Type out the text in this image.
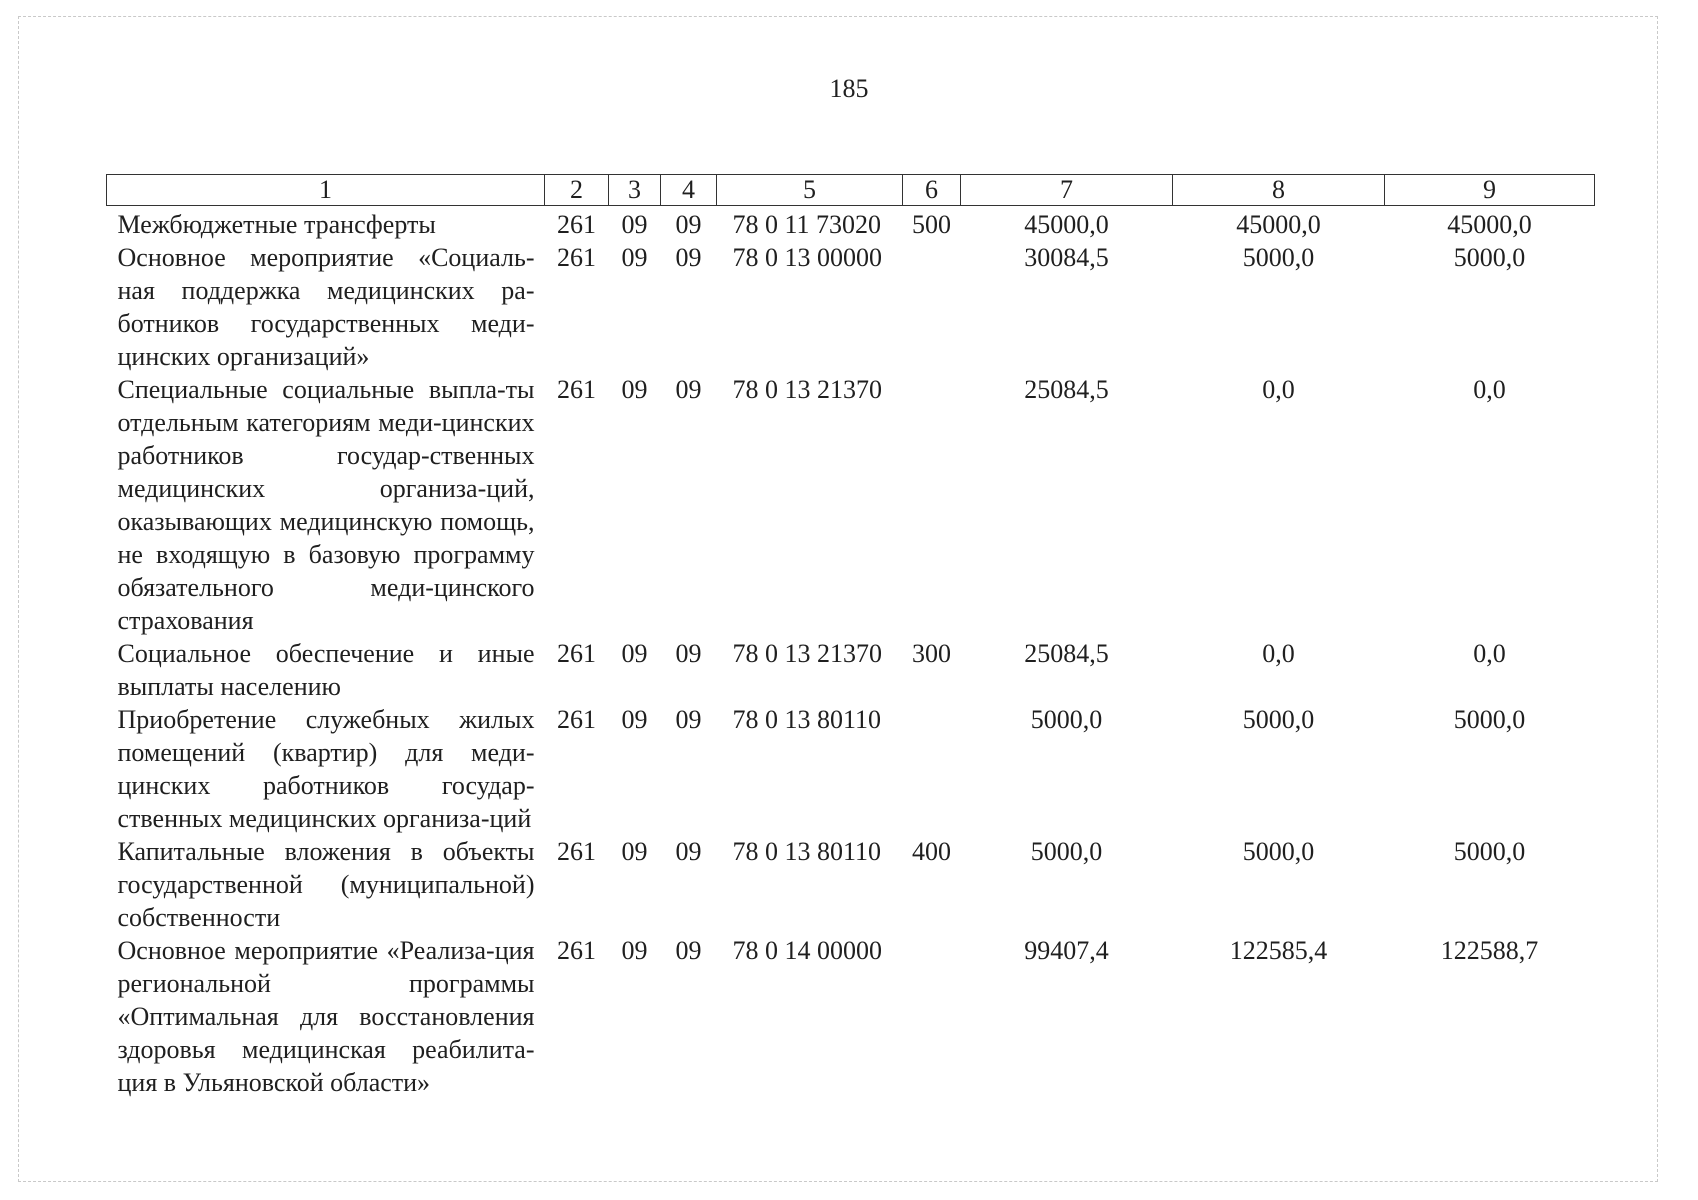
185
1	2	3	4	5	6	7	8	9
Межбюджетные трансферты	261	09	09	78 0 11 73020	500	45000,0	45000,0	45000,0
Основное мероприятие «Социаль-ная поддержка медицинских ра-ботников государственных меди-цинских организаций»	261	09	09	78 0 13 00000		30084,5	5000,0	5000,0
Специальные социальные выпла-ты отдельным категориям меди-цинских работников государ-ственных медицинских организа-ций, оказывающих медицинскую помощь, не входящую в базовую программу обязательного меди-цинского страхования	261	09	09	78 0 13 21370		25084,5	0,0	0,0
Социальное обеспечение и иные выплаты населению	261	09	09	78 0 13 21370	300	25084,5	0,0	0,0
Приобретение служебных жилых помещений (квартир) для меди-цинских работников государ-ственных медицинских организа-ций	261	09	09	78 0 13 80110		5000,0	5000,0	5000,0
Капитальные вложения в объекты государственной (муниципальной) собственности	261	09	09	78 0 13 80110	400	5000,0	5000,0	5000,0
Основное мероприятие «Реализа-ция региональной программы «Оптимальная для восстановления здоровья медицинская реабилита-ция в Ульяновской области»	261	09	09	78 0 14 00000		99407,4	122585,4	122588,7
